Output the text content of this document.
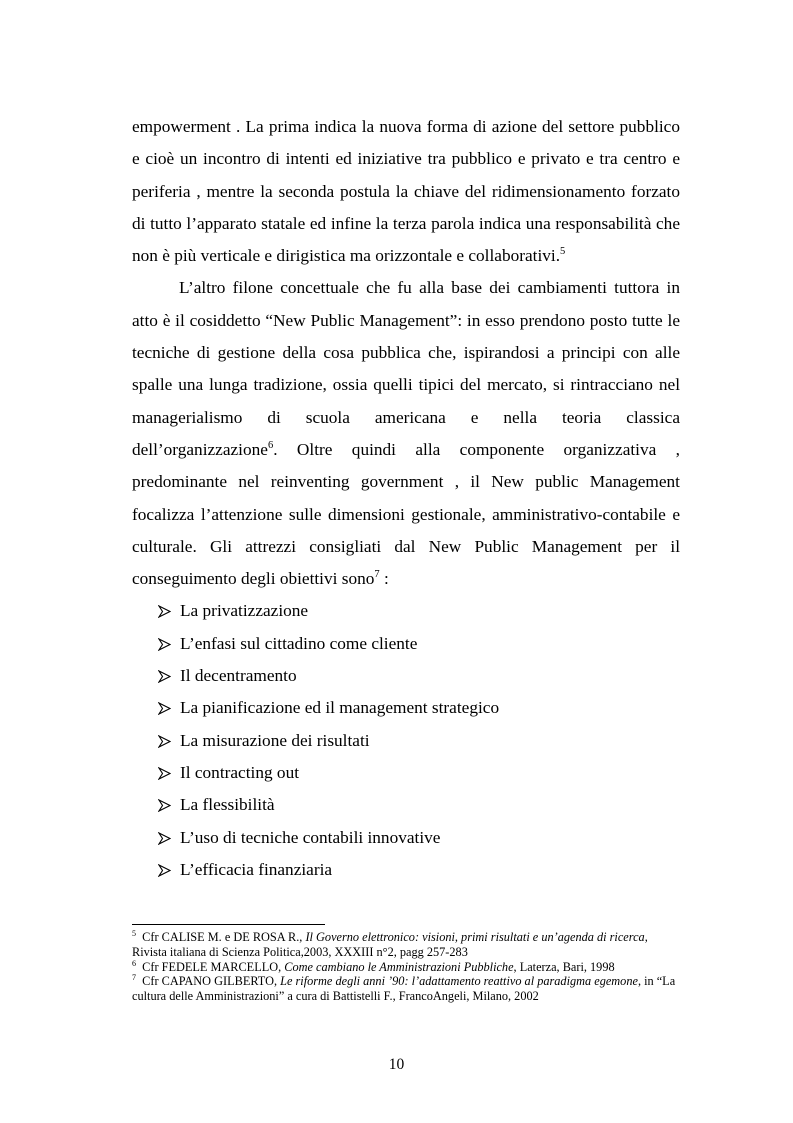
empowerment . La prima indica la nuova forma di azione del settore pubblico e cioè un incontro di intenti ed iniziative tra pubblico e privato e tra centro e periferia , mentre la seconda postula la chiave del ridimensionamento forzato di tutto l’apparato statale ed infine la terza parola indica una responsabilità che non è più verticale e dirigistica ma orizzontale e collaborativi.$^5$

L’altro filone concettuale che fu alla base dei cambiamenti tuttora in atto è il cosiddetto “New Public Management”: in esso prendono posto tutte le tecniche di gestione della cosa pubblica che, ispirandosi a principi con alle spalle una lunga tradizione, ossia quelli tipici del mercato, si rintracciano nel managerialismo di scuola americana e nella teoria classica dell’organizzazione$^6$. Oltre quindi alla componente organizzativa , predominante nel reinventing government , il New public Management focalizza l’attenzione sulle dimensioni gestionale, amministrativo-contabile e culturale. Gli attrezzi consigliati dal New Public Management per il conseguimento degli obiettivi sono$^7$ :

La privatizzazione
L’enfasi sul cittadino come cliente
Il decentramento
La pianificazione ed il management strategico
La misurazione dei risultati
Il contracting out
La flessibilità
L’uso di tecniche contabili innovative
L’efficacia finanziaria

$^5$ Cfr CALISE M. e DE ROSA R., Il Governo elettronico: visioni, primi risultati e un’agenda di ricerca, Rivista italiana di Scienza Politica,2003, XXXIII n°2, pagg 257-283

$^6$ Cfr FEDELE MARCELLO, Come cambiano le Amministrazioni Pubbliche, Laterza, Bari, 1998

$^7$ Cfr CAPANO GILBERTO, Le riforme degli anni ’90: l’adattamento reattivo al paradigma egemone, in “La cultura delle Amministrazioni” a cura di Battistelli F., FrancoAngeli, Milano, 2002

10
